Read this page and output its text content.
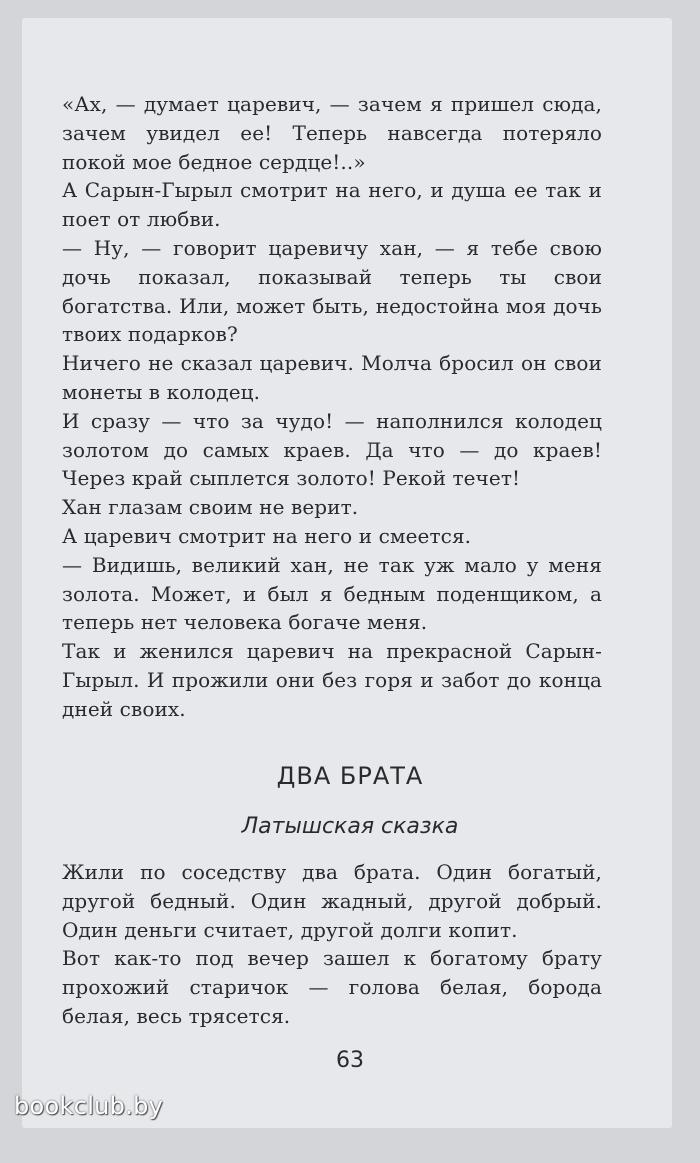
«Ах, — думает царевич, — зачем я пришел сюда, зачем увидел ее! Теперь навсегда потеряло покой мое бедное сердце!..»

А Сарын-Гырыл смотрит на него, и душа ее так и поет от любви.

— Ну, — говорит царевичу хан, — я тебе свою дочь показал, показывай теперь ты свои богатства. Или, может быть, недостойна моя дочь твоих подарков?

Ничего не сказал царевич. Молча бросил он свои монеты в колодец.

И сразу — что за чудо! — наполнился колодец золотом до самых краев. Да что — до краев! Через край сыплется золото! Рекой течет!

Хан глазам своим не верит.

А царевич смотрит на него и смеется.

— Видишь, великий хан, не так уж мало у меня золота. Может, и был я бедным поденщиком, а теперь нет человека богаче меня.

Так и женился царевич на прекрасной Сарын-Гырыл. И прожили они без горя и забот до конца дней своих.

ДВА БРАТА
Латышская сказка

Жили по соседству два брата. Один богатый, другой бедный. Один жадный, другой добрый. Один деньги считает, другой долги копит.

Вот как-то под вечер зашел к богатому брату прохожий старичок — голова белая, борода белая, весь трясется.

63
bookclub.by
